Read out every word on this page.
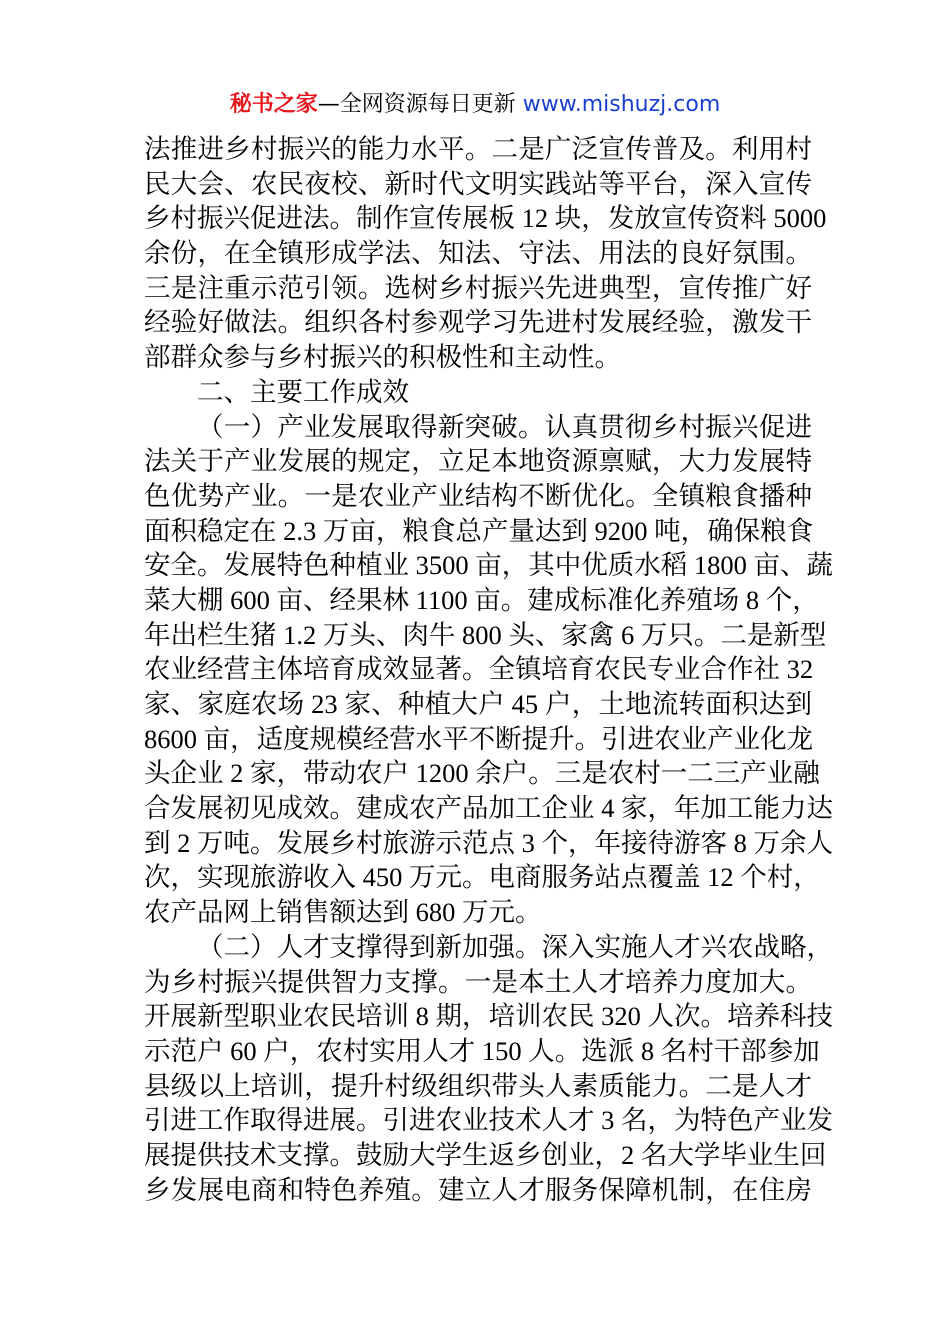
秘书之家—全网资源每日更新 www.mishuzj.com
法推进乡村振兴的能力水平。二是广泛宣传普及。利用村
民大会、农民夜校、新时代文明实践站等平台，深入宣传
乡村振兴促进法。制作宣传展板 12 块，发放宣传资料 5000
余份，在全镇形成学法、知法、守法、用法的良好氛围。
三是注重示范引领。选树乡村振兴先进典型，宣传推广好
经验好做法。组织各村参观学习先进村发展经验，激发干
部群众参与乡村振兴的积极性和主动性。
二、主要工作成效
（一）产业发展取得新突破。认真贯彻乡村振兴促进
法关于产业发展的规定，立足本地资源禀赋，大力发展特
色优势产业。一是农业产业结构不断优化。全镇粮食播种
面积稳定在 2.3 万亩，粮食总产量达到 9200 吨，确保粮食
安全。发展特色种植业 3500 亩，其中优质水稻 1800 亩、蔬
菜大棚 600 亩、经果林 1100 亩。建成标准化养殖场 8 个，
年出栏生猪 1.2 万头、肉牛 800 头、家禽 6 万只。二是新型
农业经营主体培育成效显著。全镇培育农民专业合作社 32
家、家庭农场 23 家、种植大户 45 户，土地流转面积达到
8600 亩，适度规模经营水平不断提升。引进农业产业化龙
头企业 2 家，带动农户 1200 余户。三是农村一二三产业融
合发展初见成效。建成农产品加工企业 4 家，年加工能力达
到 2 万吨。发展乡村旅游示范点 3 个，年接待游客 8 万余人
次，实现旅游收入 450 万元。电商服务站点覆盖 12 个村，
农产品网上销售额达到 680 万元。
（二）人才支撑得到新加强。深入实施人才兴农战略，
为乡村振兴提供智力支撑。一是本土人才培养力度加大。
开展新型职业农民培训 8 期，培训农民 320 人次。培养科技
示范户 60 户，农村实用人才 150 人。选派 8 名村干部参加
县级以上培训，提升村级组织带头人素质能力。二是人才
引进工作取得进展。引进农业技术人才 3 名，为特色产业发
展提供技术支撑。鼓励大学生返乡创业，2 名大学毕业生回
乡发展电商和特色养殖。建立人才服务保障机制，在住房
